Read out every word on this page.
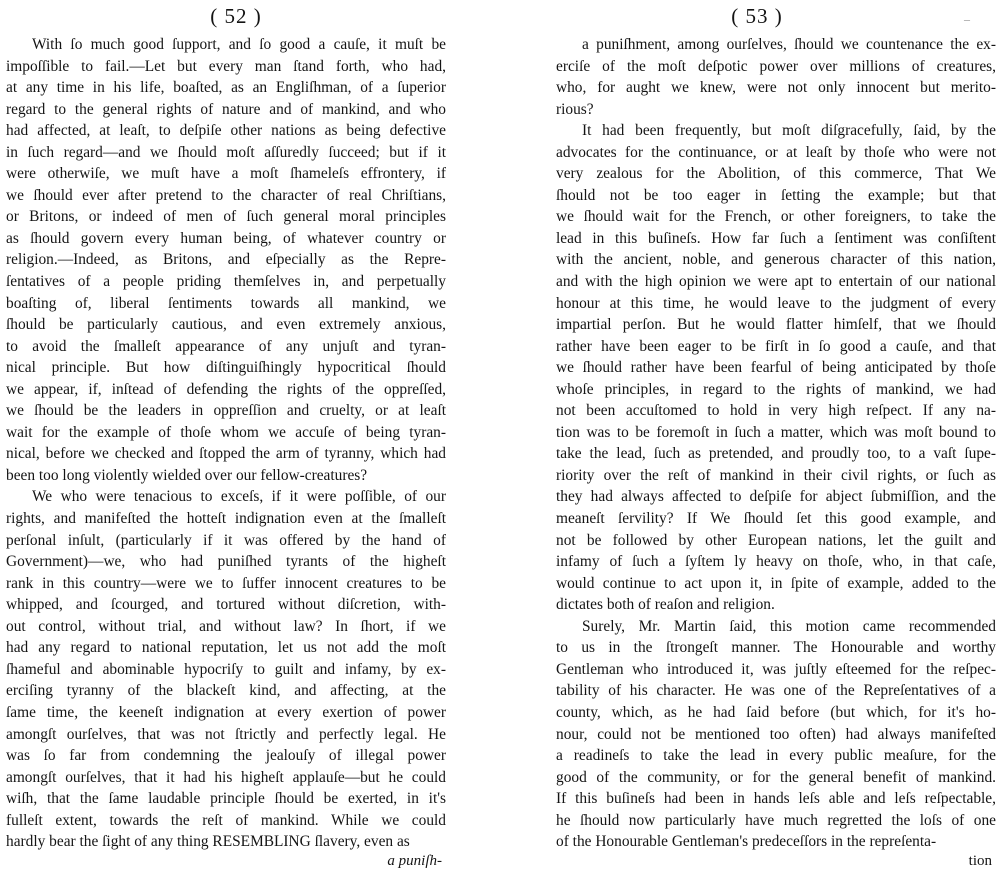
( 52 )
With ſo much good ſupport, and ſo good a cauſe, it muſt be
impoſſible to fail.—Let but every man ſtand forth, who had,
at any time in his life, boaſted, as an Engliſhman, of a ſuperior
regard to the general rights of nature and of mankind, and who
had affected, at leaſt, to deſpiſe other nations as being defective
in ſuch regard—and we ſhould moſt aſſuredly ſucceed; but if it
were otherwiſe, we muſt have a moſt ſhameleſs effrontery, if
we ſhould ever after pretend to the character of real Chriſtians,
or Britons, or indeed of men of ſuch general moral principles
as ſhould govern every human being, of whatever country or
religion.—Indeed, as Britons, and eſpecially as the Repre-
ſentatives of a people priding themſelves in, and perpetually
boaſting of, liberal ſentiments towards all mankind, we
ſhould be particularly cautious, and even extremely anxious,
to avoid the ſmalleſt appearance of any unjuſt and tyran-
nical principle. But how diſtinguiſhingly hypocritical ſhould
we appear, if, inſtead of defending the rights of the oppreſſed,
we ſhould be the leaders in oppreſſion and cruelty, or at leaſt
wait for the example of thoſe whom we accuſe of being tyran-
nical, before we checked and ſtopped the arm of tyranny, which had
been too long violently wielded over our fellow-creatures?
We who were tenacious to exceſs, if it were poſſible, of our
rights, and manifeſted the hotteſt indignation even at the ſmalleſt
perſonal inſult, (particularly if it was offered by the hand of
Government)—we, who had puniſhed tyrants of the higheſt
rank in this country—were we to ſuffer innocent creatures to be
whipped, and ſcourged, and tortured without diſcretion, with-
out control, without trial, and without law? In ſhort, if we
had any regard to national reputation, let us not add the moſt
ſhameful and abominable hypocriſy to guilt and infamy, by ex-
erciſing tyranny of the blackeſt kind, and affecting, at the
ſame time, the keeneſt indignation at every exertion of power
amongſt ourſelves, that was not ſtrictly and perfectly legal. He
was ſo far from condemning the jealouſy of illegal power
amongſt ourſelves, that it had his higheſt applauſe—but he could
wiſh, that the ſame laudable principle ſhould be exerted, in it's
fulleſt extent, towards the reſt of mankind. While we could
hardly bear the ſight of any thing RESEMBLING ſlavery, even as
a puniſh-
( 53 )
a puniſhment, among ourſelves, ſhould we countenance the ex-
erciſe of the moſt deſpotic power over millions of creatures,
who, for aught we knew, were not only innocent but merito-
rious?
It had been frequently, but moſt diſgracefully, ſaid, by the
advocates for the continuance, or at leaſt by thoſe who were not
very zealous for the Abolition, of this commerce, That We
ſhould not be too eager in ſetting the example; but that
we ſhould wait for the French, or other foreigners, to take the
lead in this buſineſs. How far ſuch a ſentiment was conſiſtent
with the ancient, noble, and generous character of this nation,
and with the high opinion we were apt to entertain of our national
honour at this time, he would leave to the judgment of every
impartial perſon. But he would flatter himſelf, that we ſhould
rather have been eager to be firſt in ſo good a cauſe, and that
we ſhould rather have been fearful of being anticipated by thoſe
whoſe principles, in regard to the rights of mankind, we had
not been accuſtomed to hold in very high reſpect. If any na-
tion was to be foremoſt in ſuch a matter, which was moſt bound to
take the lead, ſuch as pretended, and proudly too, to a vaſt ſupe-
riority over the reſt of mankind in their civil rights, or ſuch as
they had always affected to deſpiſe for abject ſubmiſſion, and the
meaneſt ſervility? If We ſhould ſet this good example, and
not be followed by other European nations, let the guilt and
infamy of ſuch a ſyſtem ly heavy on thoſe, who, in that caſe,
would continue to act upon it, in ſpite of example, added to the
dictates both of reaſon and religion.
Surely, Mr. Martin ſaid, this motion came recommended
to us in the ſtrongeſt manner. The Honourable and worthy
Gentleman who introduced it, was juſtly eſteemed for the reſpec-
tability of his character. He was one of the Repreſentatives of a
county, which, as he had ſaid before (but which, for it's ho-
nour, could not be mentioned too often) had always manifeſted
a readineſs to take the lead in every public meaſure, for the
good of the community, or for the general benefit of mankind.
If this buſineſs had been in hands leſs able and leſs reſpectable,
he ſhould now particularly have much regretted the loſs of one
of the Honourable Gentleman's predeceſſors in the repreſenta-
tion
–
